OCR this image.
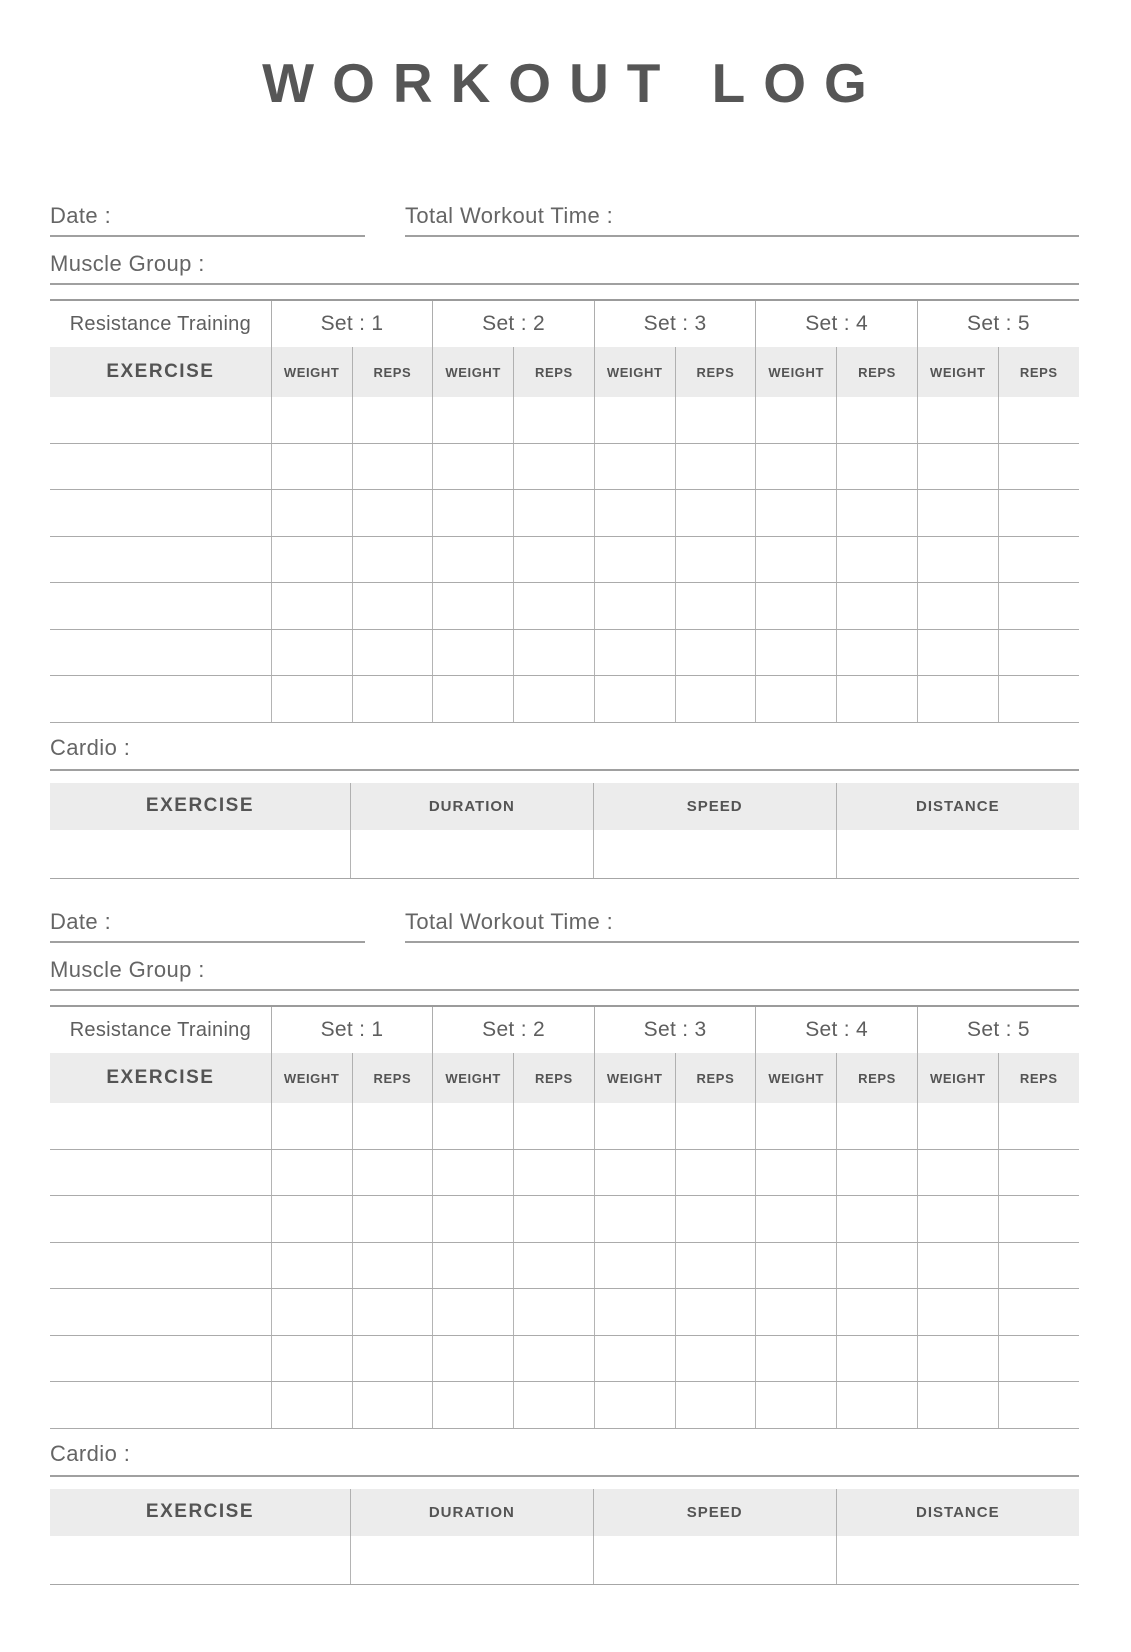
WORKOUT LOG
Date :	Total Workout Time :
Muscle Group :
Resistance Training	Set : 1		Set : 2		Set : 3		Set : 4		Set : 5	
EXERCISE	WEIGHT	REPS	WEIGHT	REPS	WEIGHT	REPS	WEIGHT	REPS	WEIGHT	REPS

Cardio :
EXERCISE	DURATION	SPEED	DISTANCE

Date :	Total Workout Time :
Muscle Group :
Resistance Training	Set : 1		Set : 2		Set : 3		Set : 4		Set : 5	
EXERCISE	WEIGHT	REPS	WEIGHT	REPS	WEIGHT	REPS	WEIGHT	REPS	WEIGHT	REPS

Cardio :
EXERCISE	DURATION	SPEED	DISTANCE
